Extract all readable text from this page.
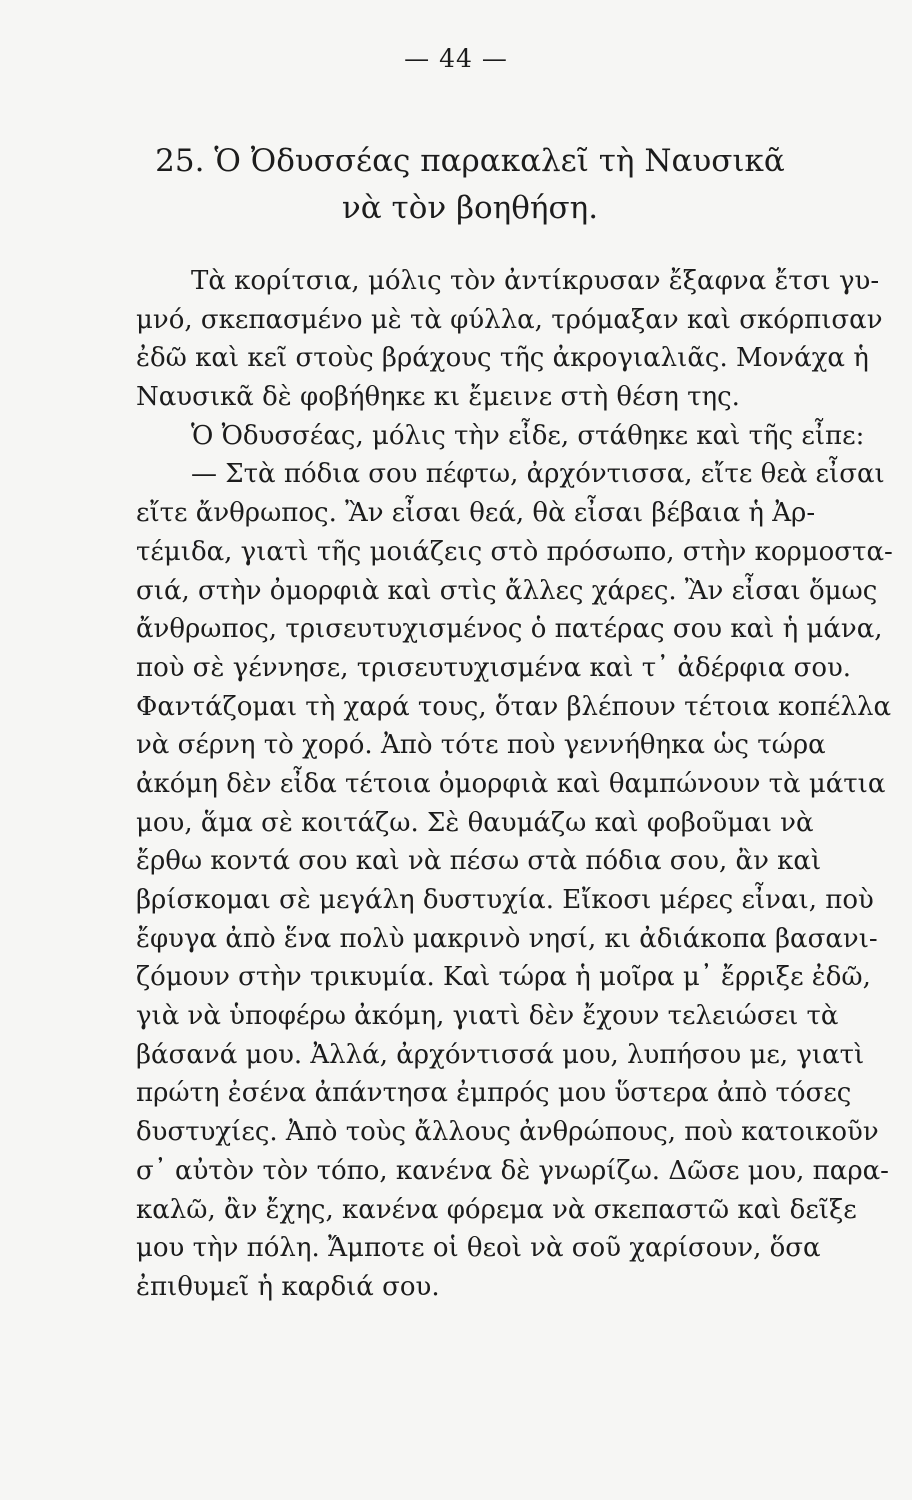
— 44 —
25. Ὁ Ὀδυσσέας παρακαλεῖ τὴ Ναυσικᾶ
νὰ τὸν βοηθήση.
Τὰ κορίτσια, μόλις τὸν ἀντίκρυσαν ἔξαφνα ἔτσι γυ-
μνό, σκεπασμένο μὲ τὰ φύλλα, τρόμαξαν καὶ σκόρπισαν
ἐδῶ καὶ κεῖ στοὺς βράχους τῆς ἀκρογιαλιᾶς. Μονάχα ἡ
Ναυσικᾶ δὲ φοβήθηκε κι ἔμεινε στὴ θέση της.
Ὁ Ὀδυσσέας, μόλις τὴν εἶδε, στάθηκε καὶ τῆς εἶπε:
— Στὰ πόδια σου πέφτω, ἀρχόντισσα, εἴτε θεὰ εἶσαι
εἴτε ἄνθρωπος. Ἂν εἶσαι θεά, θὰ εἶσαι βέβαια ἡ Ἀρ-
τέμιδα, γιατὶ τῆς μοιάζεις στὸ πρόσωπο, στὴν κορμοστα-
σιά, στὴν ὀμορφιὰ καὶ στὶς ἄλλες χάρες. Ἂν εἶσαι ὅμως
ἄνθρωπος, τρισευτυχισμένος ὁ πατέρας σου καὶ ἡ μάνα,
ποὺ σὲ γέννησε, τρισευτυχισμένα καὶ τ᾿ ἀδέρφια σου.
Φαντάζομαι τὴ χαρά τους, ὅταν βλέπουν τέτοια κοπέλλα
νὰ σέρνη τὸ χορό. Ἀπὸ τότε ποὺ γεννήθηκα ὡς τώρα
ἀκόμη δὲν εἶδα τέτοια ὀμορφιὰ καὶ θαμπώνουν τὰ μάτια
μου, ἅμα σὲ κοιτάζω. Σὲ θαυμάζω καὶ φοβοῦμαι νὰ
ἔρθω κοντά σου καὶ νὰ πέσω στὰ πόδια σου, ἂν καὶ
βρίσκομαι σὲ μεγάλη δυστυχία. Εἴκοσι μέρες εἶναι, ποὺ
ἔφυγα ἀπὸ ἕνα πολὺ μακρινὸ νησί, κι ἀδιάκοπα βασανι-
ζόμουν στὴν τρικυμία. Καὶ τώρα ἡ μοῖρα μ᾿ ἔρριξε ἐδῶ,
γιὰ νὰ ὑποφέρω ἀκόμη, γιατὶ δὲν ἔχουν τελειώσει τὰ
βάσανά μου. Ἀλλά, ἀρχόντισσά μου, λυπήσου με, γιατὶ
πρώτη ἐσένα ἀπάντησα ἐμπρός μου ὕστερα ἀπὸ τόσες
δυστυχίες. Ἀπὸ τοὺς ἄλλους ἀνθρώπους, ποὺ κατοικοῦν
σ᾿ αὐτὸν τὸν τόπο, κανένα δὲ γνωρίζω. Δῶσε μου, παρα-
καλῶ, ἂν ἔχης, κανένα φόρεμα νὰ σκεπαστῶ καὶ δεῖξε
μου τὴν πόλη. Ἄμποτε οἱ θεοὶ νὰ σοῦ χαρίσουν, ὅσα
ἐπιθυμεῖ ἡ καρδιά σου.
